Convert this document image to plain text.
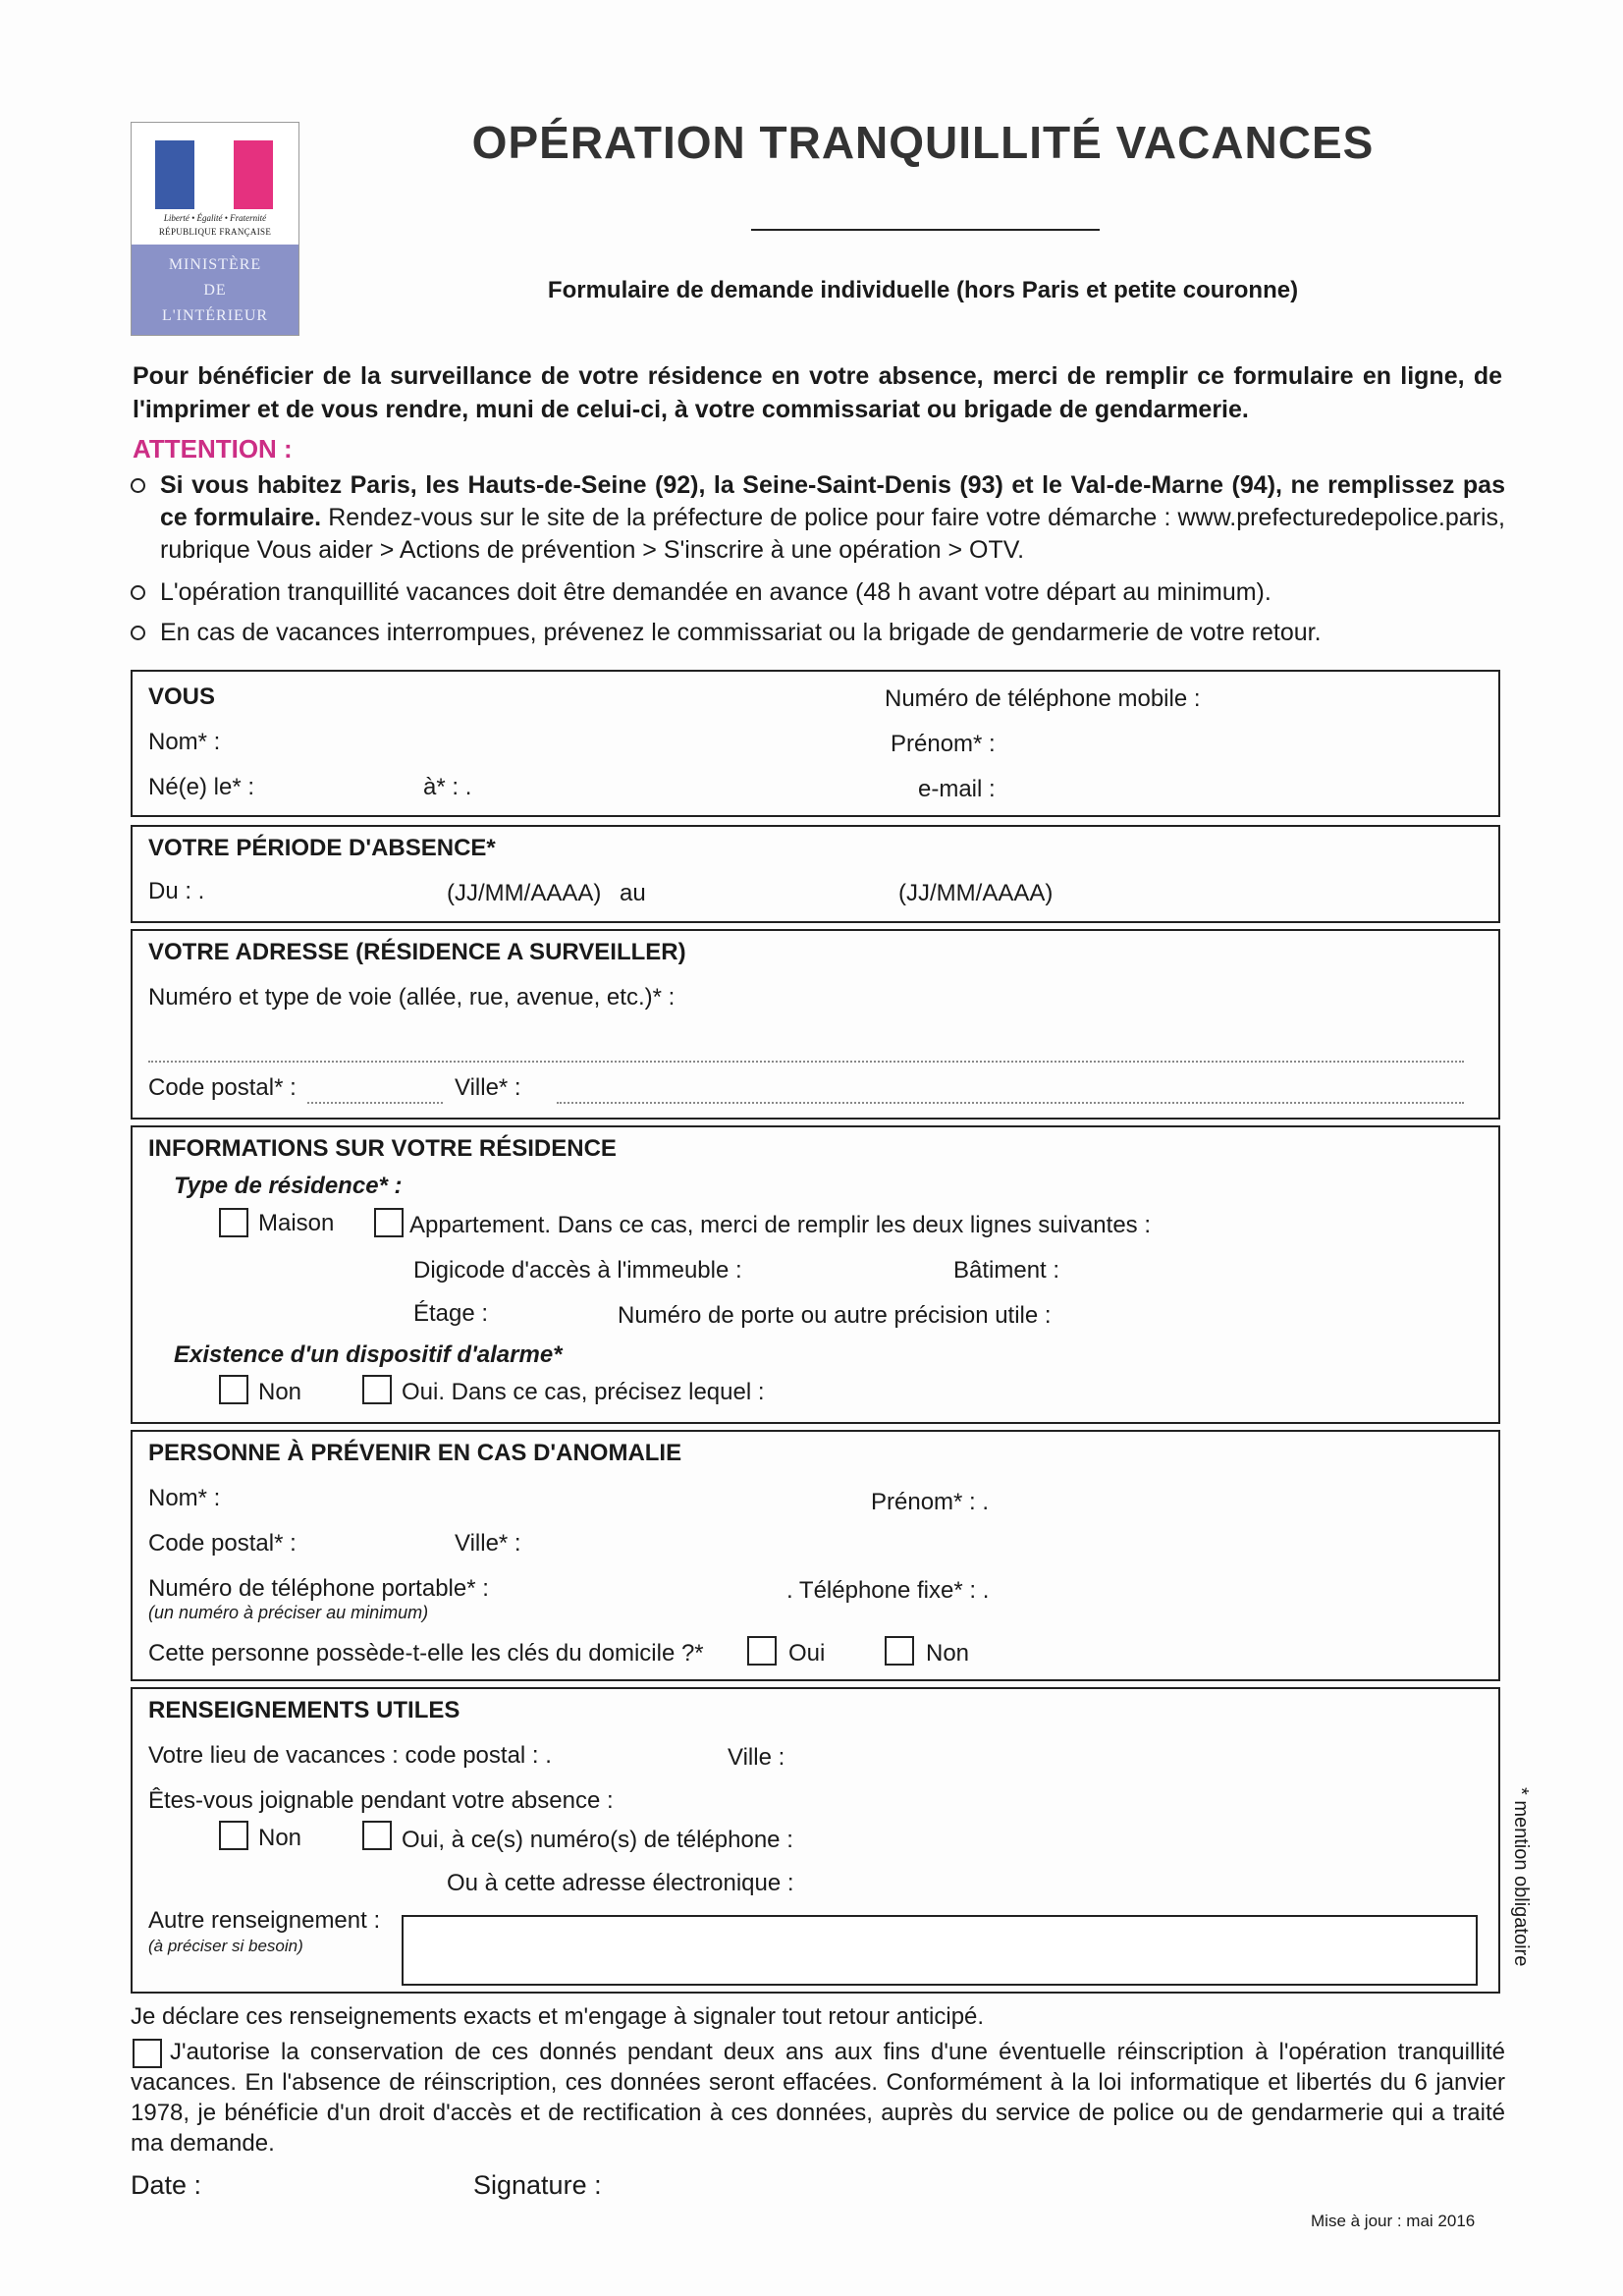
Liberté • Égalité • Fraternité
RÉPUBLIQUE FRANÇAISE
MINISTÈRE
DE
L'INTÉRIEUR
OPÉRATION TRANQUILLITÉ VACANCES
Formulaire de demande individuelle (hors Paris et petite couronne)
Pour bénéficier de la surveillance de votre résidence en votre absence, merci de remplir ce formulaire en ligne, de l'imprimer et de vous rendre, muni de celui-ci, à votre commissariat ou brigade de gendarmerie.
ATTENTION :
Si vous habitez Paris, les Hauts-de-Seine (92), la Seine-Saint-Denis (93) et le Val-de-Marne (94), ne remplissez pas ce formulaire. Rendez-vous sur le site de la préfecture de police pour faire votre démarche : www.prefecturedepolice.paris, rubrique Vous aider > Actions de prévention > S'inscrire à une opération > OTV.
L'opération tranquillité vacances doit être demandée en avance (48 h avant votre départ au minimum).
En cas de vacances interrompues, prévenez le commissariat ou la brigade de gendarmerie de votre retour.
VOUS	Numéro de téléphone mobile :
Nom* :	Prénom* :
Né(e) le* :	à* : .	e-mail :
VOTRE PÉRIODE D'ABSENCE*
Du : .	(JJ/MM/AAAA) au	(JJ/MM/AAAA)
VOTRE ADRESSE (RÉSIDENCE A SURVEILLER)
Numéro et type de voie (allée, rue, avenue, etc.)* :
Code postal* :	Ville* :
INFORMATIONS SUR VOTRE RÉSIDENCE
Type de résidence* :
Maison	Appartement. Dans ce cas, merci de remplir les deux lignes suivantes :
Digicode d'accès à l'immeuble :	Bâtiment :
Étage :	Numéro de porte ou autre précision utile :
Existence d'un dispositif d'alarme*
Non	Oui. Dans ce cas, précisez lequel :
PERSONNE À PRÉVENIR EN CAS D'ANOMALIE
Nom* :	Prénom* : .
Code postal* :	Ville* :
Numéro de téléphone portable* :
(un numéro à préciser au minimum)
. Téléphone fixe* : .
Cette personne possède-t-elle les clés du domicile ?*	Oui	Non
RENSEIGNEMENTS UTILES
Votre lieu de vacances : code postal : .	Ville :
Êtes-vous joignable pendant votre absence :
Non	Oui, à ce(s) numéro(s) de téléphone :
Ou à cette adresse électronique :
Autre renseignement :
(à préciser si besoin)	* mention obligatoire
Je déclare ces renseignements exacts et m'engage à signaler tout retour anticipé.
J'autorise la conservation de ces donnés pendant deux ans aux fins d'une éventuelle réinscription à l'opération tranquillité vacances. En l'absence de réinscription, ces données seront effacées. Conformément à la loi informatique et libertés du 6 janvier 1978, je bénéficie d'un droit d'accès et de rectification à ces données, auprès du service de police ou de gendarmerie qui a traité ma demande.
Date :	Signature :
Mise à jour : mai 2016
